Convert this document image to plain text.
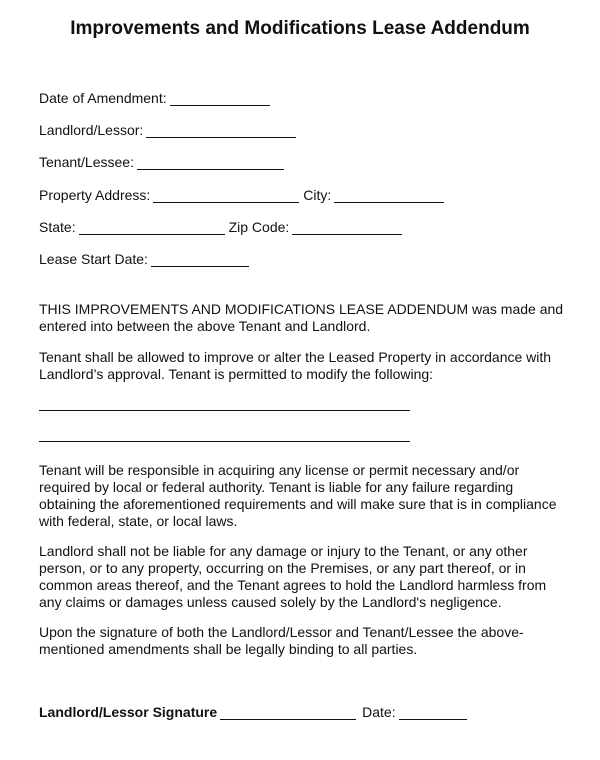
Improvements and Modifications Lease Addendum
Date of Amendment:
Landlord/Lessor:
Tenant/Lessee:
Property Address:	City:
State:	Zip Code:
Lease Start Date:
THIS IMPROVEMENTS AND MODIFICATIONS LEASE ADDENDUM was made and entered into between the above Tenant and Landlord.
Tenant shall be allowed to improve or alter the Leased Property in accordance with Landlord’s approval. Tenant is permitted to modify the following:
Tenant will be responsible in acquiring any license or permit necessary and/or required by local or federal authority. Tenant is liable for any failure regarding obtaining the aforementioned requirements and will make sure that is in compliance with federal, state, or local laws.
Landlord shall not be liable for any damage or injury to the Tenant, or any other person, or to any property, occurring on the Premises, or any part thereof, or in common areas thereof, and the Tenant agrees to hold the Landlord harmless from any claims or damages unless caused solely by the Landlord's negligence.
Upon the signature of both the Landlord/Lessor and Tenant/Lessee the above-mentioned amendments shall be legally binding to all parties.
Landlord/Lessor Signature	Date:
